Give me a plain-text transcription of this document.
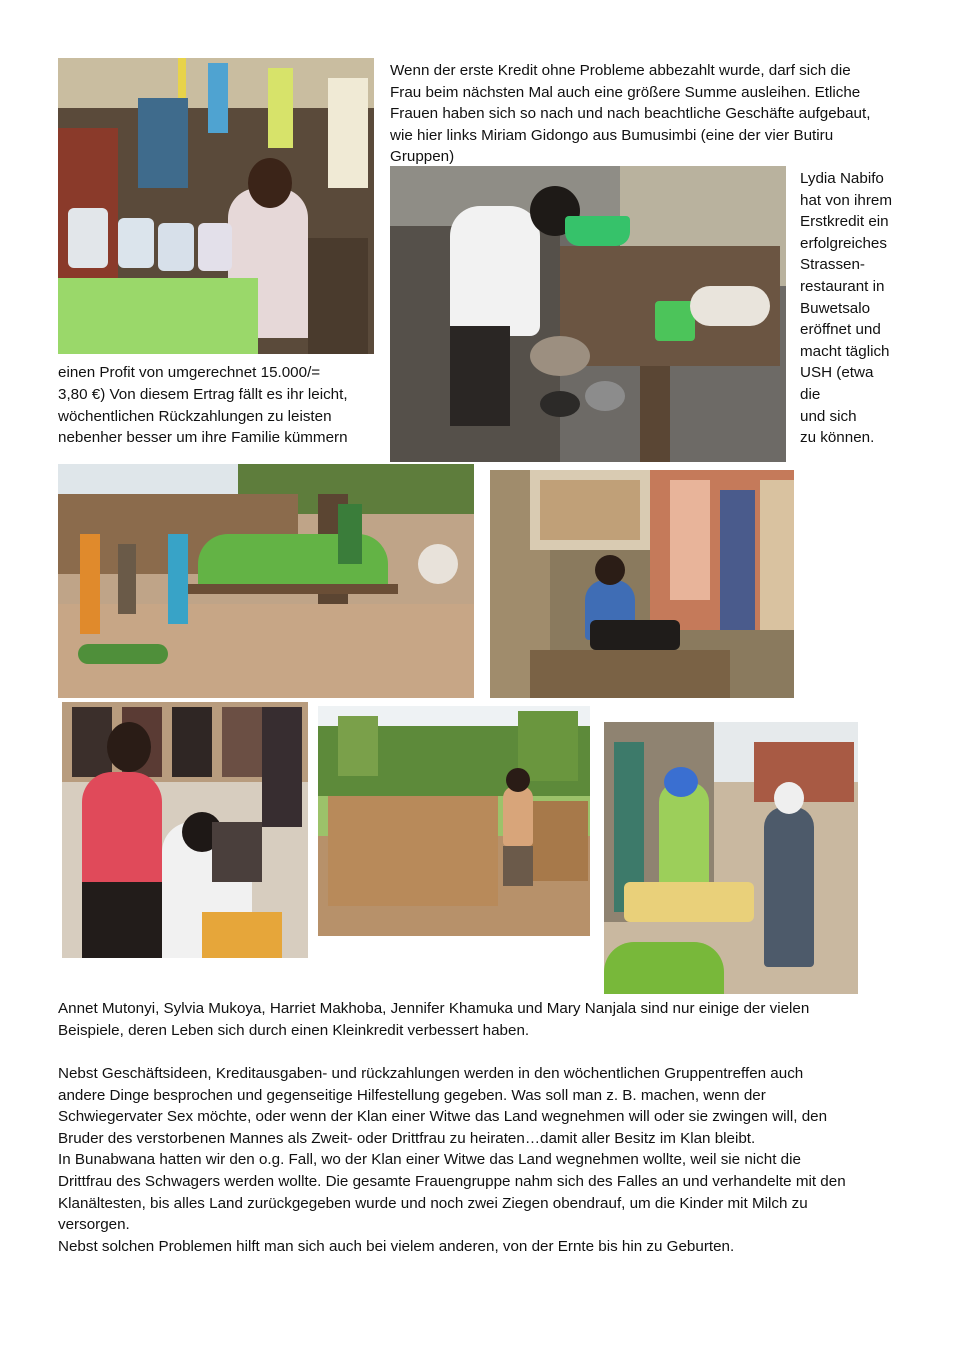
Wenn der erste Kredit ohne Probleme abbezahlt wurde, darf sich die

Frau beim nächsten Mal auch eine größere Summe ausleihen. Etliche

Frauen haben sich so nach und nach beachtliche Geschäfte aufgebaut,

wie hier links Miriam Gidongo aus Bumusimbi (eine der vier Butiru

Gruppen)

Lydia Nabifo

hat von ihrem

Erstkredit ein

erfolgreiches

Strassen-

restaurant in

Buwetsalo

eröffnet und

macht täglich

USH (etwa

die

und sich

zu können.

einen Profit von umgerechnet 15.000/=

3,80 €) Von diesem Ertrag fällt es ihr leicht,

wöchentlichen Rückzahlungen zu leisten

nebenher besser um ihre Familie kümmern

Annet Mutonyi, Sylvia Mukoya, Harriet Makhoba, Jennifer Khamuka und Mary Nanjala sind nur einige der vielen

Beispiele, deren Leben sich durch einen Kleinkredit verbessert haben.

Nebst Geschäftsideen, Kreditausgaben- und rückzahlungen werden in den wöchentlichen Gruppentreffen auch

andere Dinge besprochen und gegenseitige Hilfestellung gegeben. Was soll man z. B. machen, wenn der

Schwiegervater Sex möchte, oder wenn der Klan einer Witwe das Land wegnehmen will oder sie zwingen will, den

Bruder des verstorbenen Mannes als Zweit- oder Drittfrau zu heiraten…damit aller Besitz im Klan bleibt.

In Bunabwana hatten wir den o.g. Fall, wo der Klan einer Witwe das Land wegnehmen wollte, weil sie nicht die

Drittfrau des Schwagers werden wollte. Die gesamte Frauengruppe nahm sich des Falles an und verhandelte mit den

Klanältesten, bis alles Land zurückgegeben wurde und noch zwei Ziegen obendrauf, um die Kinder mit Milch zu

versorgen.

Nebst solchen Problemen hilft man sich auch bei vielem anderen, von der Ernte bis hin zu Geburten.
